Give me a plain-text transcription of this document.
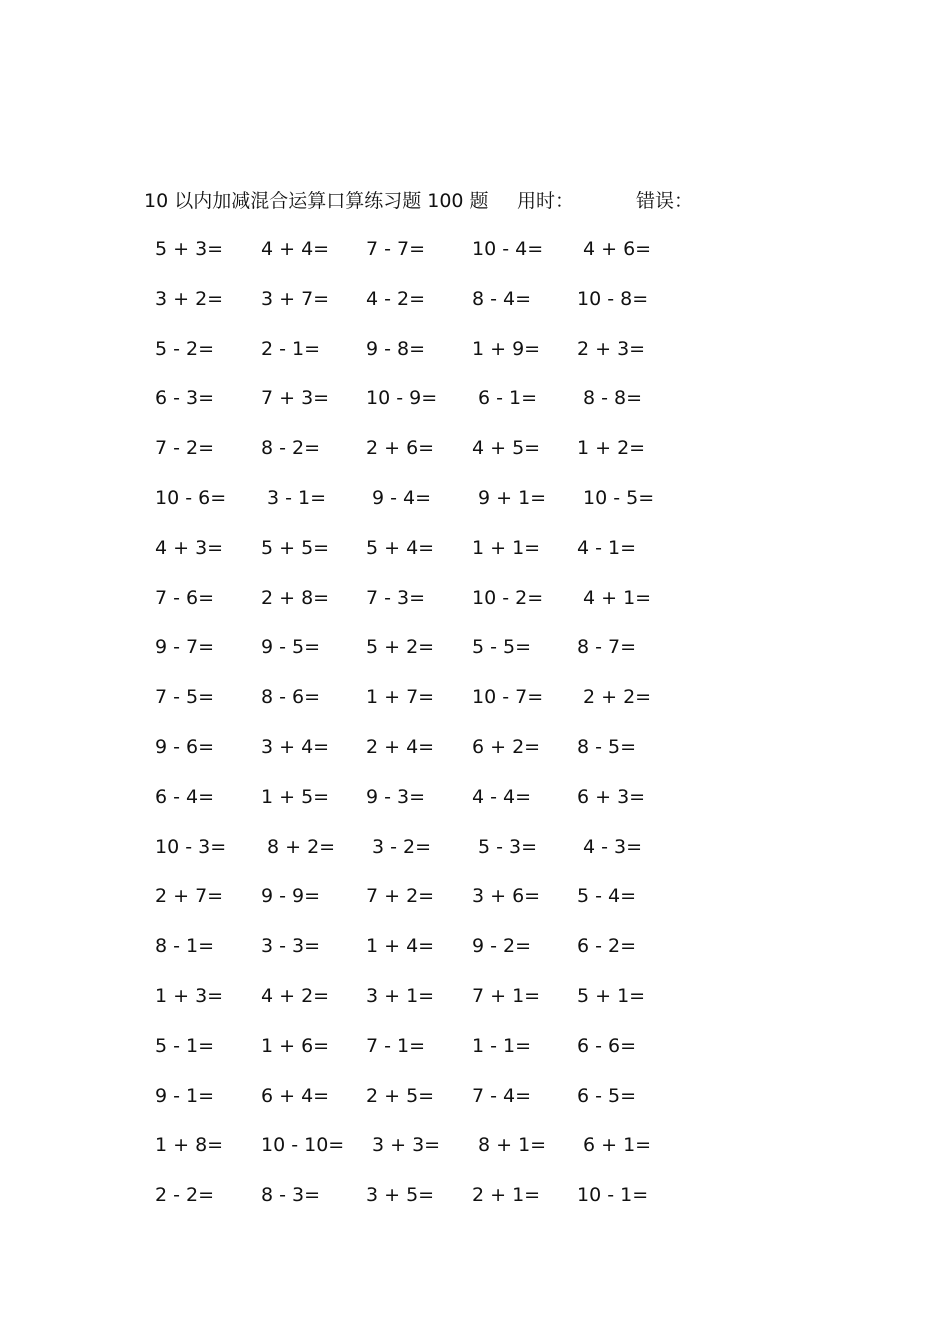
10 以内加减混合运算口算练习题 100 题 用时：	错误：
5 + 3= 4 + 4= 7 - 7= 10 - 4= 4 + 6=
3 + 2= 3 + 7= 4 - 2= 8 - 4= 10 - 8=
5 - 2= 2 - 1= 9 - 8= 1 + 9= 2 + 3=
6 - 3= 7 + 3= 10 - 9= 6 - 1= 8 - 8=
7 - 2= 8 - 2= 2 + 6= 4 + 5= 1 + 2=
10 - 6= 3 - 1= 9 - 4= 9 + 1= 10 - 5=
4 + 3= 5 + 5= 5 + 4= 1 + 1= 4 - 1=
7 - 6= 2 + 8= 7 - 3= 10 - 2= 4 + 1=
9 - 7= 9 - 5= 5 + 2= 5 - 5= 8 - 7=
7 - 5= 8 - 6= 1 + 7= 10 - 7= 2 + 2=
9 - 6= 3 + 4= 2 + 4= 6 + 2= 8 - 5=
6 - 4= 1 + 5= 9 - 3= 4 - 4= 6 + 3=
10 - 3= 8 + 2= 3 - 2= 5 - 3= 4 - 3=
2 + 7= 9 - 9= 7 + 2= 3 + 6= 5 - 4=
8 - 1= 3 - 3= 1 + 4= 9 - 2= 6 - 2=
1 + 3= 4 + 2= 3 + 1= 7 + 1= 5 + 1=
5 - 1= 1 + 6= 7 - 1= 1 - 1= 6 - 6=
9 - 1= 6 + 4= 2 + 5= 7 - 4= 6 - 5=
1 + 8= 10 - 10= 3 + 3= 8 + 1= 6 + 1=
2 - 2= 8 - 3= 3 + 5= 2 + 1= 10 - 1=
